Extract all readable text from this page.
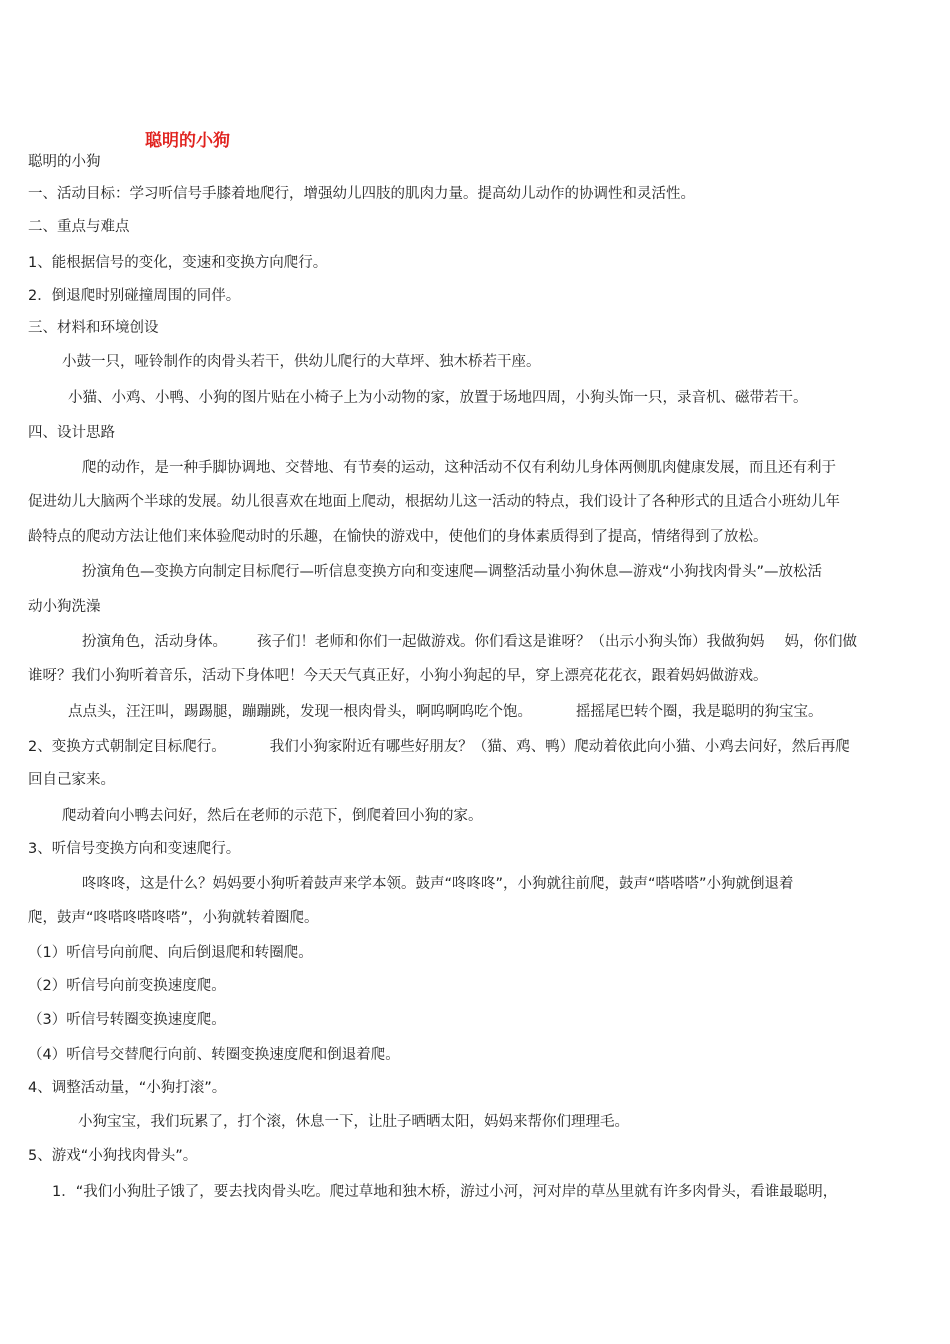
聪明的小狗
聪明的小狗
一、活动目标：学习听信号手膝着地爬行，增强幼儿四肢的肌肉力量。提高幼儿动作的协调性和灵活性。
二、重点与难点
1、能根据信号的变化，变速和变换方向爬行。
2．倒退爬时别碰撞周围的同伴。
三、材料和环境创设
小鼓一只，哑铃制作的肉骨头若干，供幼儿爬行的大草坪、独木桥若干座。
小猫、小鸡、小鸭、小狗的图片贴在小椅子上为小动物的家，放置于场地四周，小狗头饰一只，录音机、磁带若干。
四、设计思路
爬的动作，是一种手脚协调地、交替地、有节奏的运动，这种活动不仅有利幼儿身体两侧肌肉健康发展，而且还有利于
促进幼儿大脑两个半球的发展。幼儿很喜欢在地面上爬动，根据幼儿这一活动的特点，我们设计了各种形式的且适合小班幼儿年
龄特点的爬动方法让他们来体验爬动时的乐趣，在愉快的游戏中，使他们的身体素质得到了提高，情绪得到了放松。
扮演角色—变换方向制定目标爬行—听信息变换方向和变速爬—调整活动量小狗休息—游戏“小狗找肉骨头”—放松活
动小狗洗澡
扮演角色，活动身体。 孩子们！老师和你们一起做游戏。你们看这是谁呀？（出示小狗头饰）我做狗妈 妈，你们做
谁呀？我们小狗听着音乐，活动下身体吧！今天天气真正好，小狗小狗起的早，穿上漂亮花花衣，跟着妈妈做游戏。
点点头，汪汪叫，踢踢腿，蹦蹦跳，发现一根肉骨头，啊呜啊呜吃个饱。	摇摇尾巴转个圈，我是聪明的狗宝宝。
2、变换方式朝制定目标爬行。	我们小狗家附近有哪些好朋友？（猫、鸡、鸭）爬动着依此向小猫、小鸡去问好，然后再爬
回自己家来。
爬动着向小鸭去问好，然后在老师的示范下，倒爬着回小狗的家。
3、听信号变换方向和变速爬行。
咚咚咚，这是什么？妈妈要小狗听着鼓声来学本领。鼓声“咚咚咚”，小狗就往前爬，鼓声“嗒嗒嗒”小狗就倒退着
爬，鼓声“咚嗒咚嗒咚嗒”，小狗就转着圈爬。
（1）听信号向前爬、向后倒退爬和转圈爬。
（2）听信号向前变换速度爬。
（3）听信号转圈变换速度爬。
（4）听信号交替爬行向前、转圈变换速度爬和倒退着爬。
4、调整活动量，“小狗打滚”。
小狗宝宝，我们玩累了，打个滚，休息一下，让肚子晒晒太阳，妈妈来帮你们理理毛。
5、游戏“小狗找肉骨头”。
1．“我们小狗肚子饿了，要去找肉骨头吃。爬过草地和独木桥，游过小河，河对岸的草丛里就有许多肉骨头，看谁最聪明，
